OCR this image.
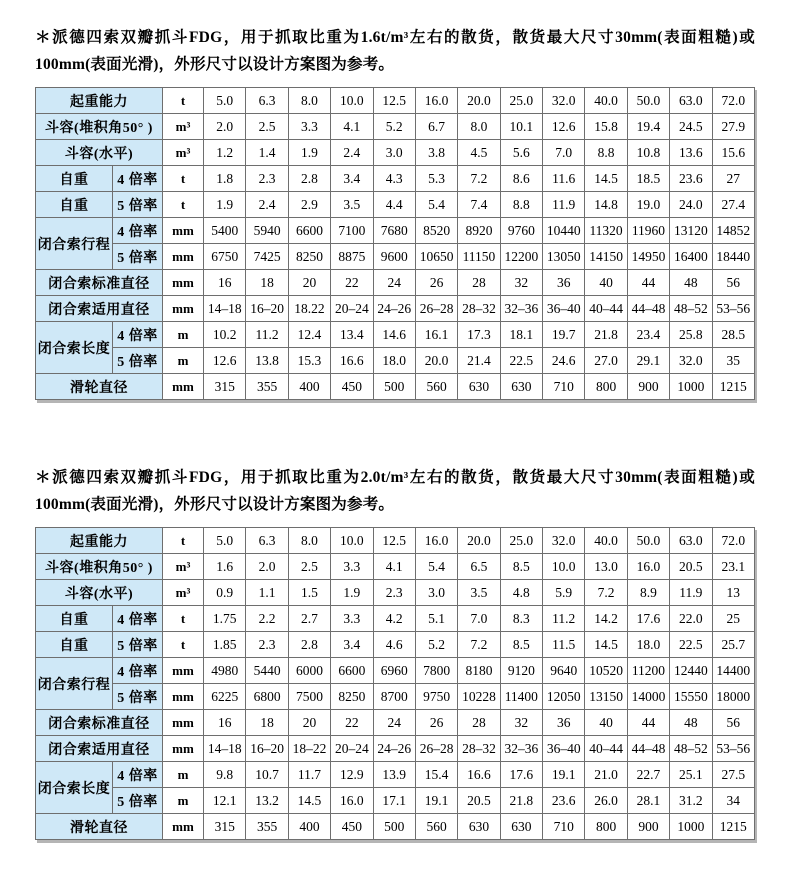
＊派德四索双瓣抓斗FDG，用于抓取比重为1.6t/m³左右的散货，散货最大尺寸30mm(表面粗糙)或100mm(表面光滑)，外形尺寸以设计方案图为参考。

起重能力		t	5.0	6.3	8.0	10.0	12.5	16.0	20.0	25.0	32.0	40.0	50.0	63.0	72.0
斗容(堆积角50° )		m³	2.0	2.5	3.3	4.1	5.2	6.7	8.0	10.1	12.6	15.8	19.4	24.5	27.9
斗容(水平)		m³	1.2	1.4	1.9	2.4	3.0	3.8	4.5	5.6	7.0	8.8	10.8	13.6	15.6
自重	4 倍率	t	1.8	2.3	2.8	3.4	4.3	5.3	7.2	8.6	11.6	14.5	18.5	23.6	27
自重	5 倍率	t	1.9	2.4	2.9	3.5	4.4	5.4	7.4	8.8	11.9	14.8	19.0	24.0	27.4
闭合索行程	4 倍率	mm	5400	5940	6600	7100	7680	8520	8920	9760	10440	11320	11960	13120	14852
	5 倍率	mm	6750	7425	8250	8875	9600	10650	11150	12200	13050	14150	14950	16400	18440
闭合索标准直径		mm	16	18	20	22	24	26	28	32	36	40	44	48	56
闭合索适用直径		mm	14–18	16–20	18.22	20–24	24–26	26–28	28–32	32–36	36–40	40–44	44–48	48–52	53–56
闭合索长度	4 倍率	m	10.2	11.2	12.4	13.4	14.6	16.1	17.3	18.1	19.7	21.8	23.4	25.8	28.5
	5 倍率	m	12.6	13.8	15.3	16.6	18.0	20.0	21.4	22.5	24.6	27.0	29.1	32.0	35
滑轮直径		mm	315	355	400	450	500	560	630	630	710	800	900	1000	1215

＊派德四索双瓣抓斗FDG，用于抓取比重为2.0t/m³左右的散货，散货最大尺寸30mm(表面粗糙)或100mm(表面光滑)，外形尺寸以设计方案图为参考。

起重能力		t	5.0	6.3	8.0	10.0	12.5	16.0	20.0	25.0	32.0	40.0	50.0	63.0	72.0
斗容(堆积角50° )		m³	1.6	2.0	2.5	3.3	4.1	5.4	6.5	8.5	10.0	13.0	16.0	20.5	23.1
斗容(水平)		m³	0.9	1.1	1.5	1.9	2.3	3.0	3.5	4.8	5.9	7.2	8.9	11.9	13
自重	4 倍率	t	1.75	2.2	2.7	3.3	4.2	5.1	7.0	8.3	11.2	14.2	17.6	22.0	25
自重	5 倍率	t	1.85	2.3	2.8	3.4	4.6	5.2	7.2	8.5	11.5	14.5	18.0	22.5	25.7
闭合索行程	4 倍率	mm	4980	5440	6000	6600	6960	7800	8180	9120	9640	10520	11200	12440	14400
	5 倍率	mm	6225	6800	7500	8250	8700	9750	10228	11400	12050	13150	14000	15550	18000
闭合索标准直径		mm	16	18	20	22	24	26	28	32	36	40	44	48	56
闭合索适用直径		mm	14–18	16–20	18–22	20–24	24–26	26–28	28–32	32–36	36–40	40–44	44–48	48–52	53–56
闭合索长度	4 倍率	m	9.8	10.7	11.7	12.9	13.9	15.4	16.6	17.6	19.1	21.0	22.7	25.1	27.5
	5 倍率	m	12.1	13.2	14.5	16.0	17.1	19.1	20.5	21.8	23.6	26.0	28.1	31.2	34
滑轮直径		mm	315	355	400	450	500	560	630	630	710	800	900	1000	1215
